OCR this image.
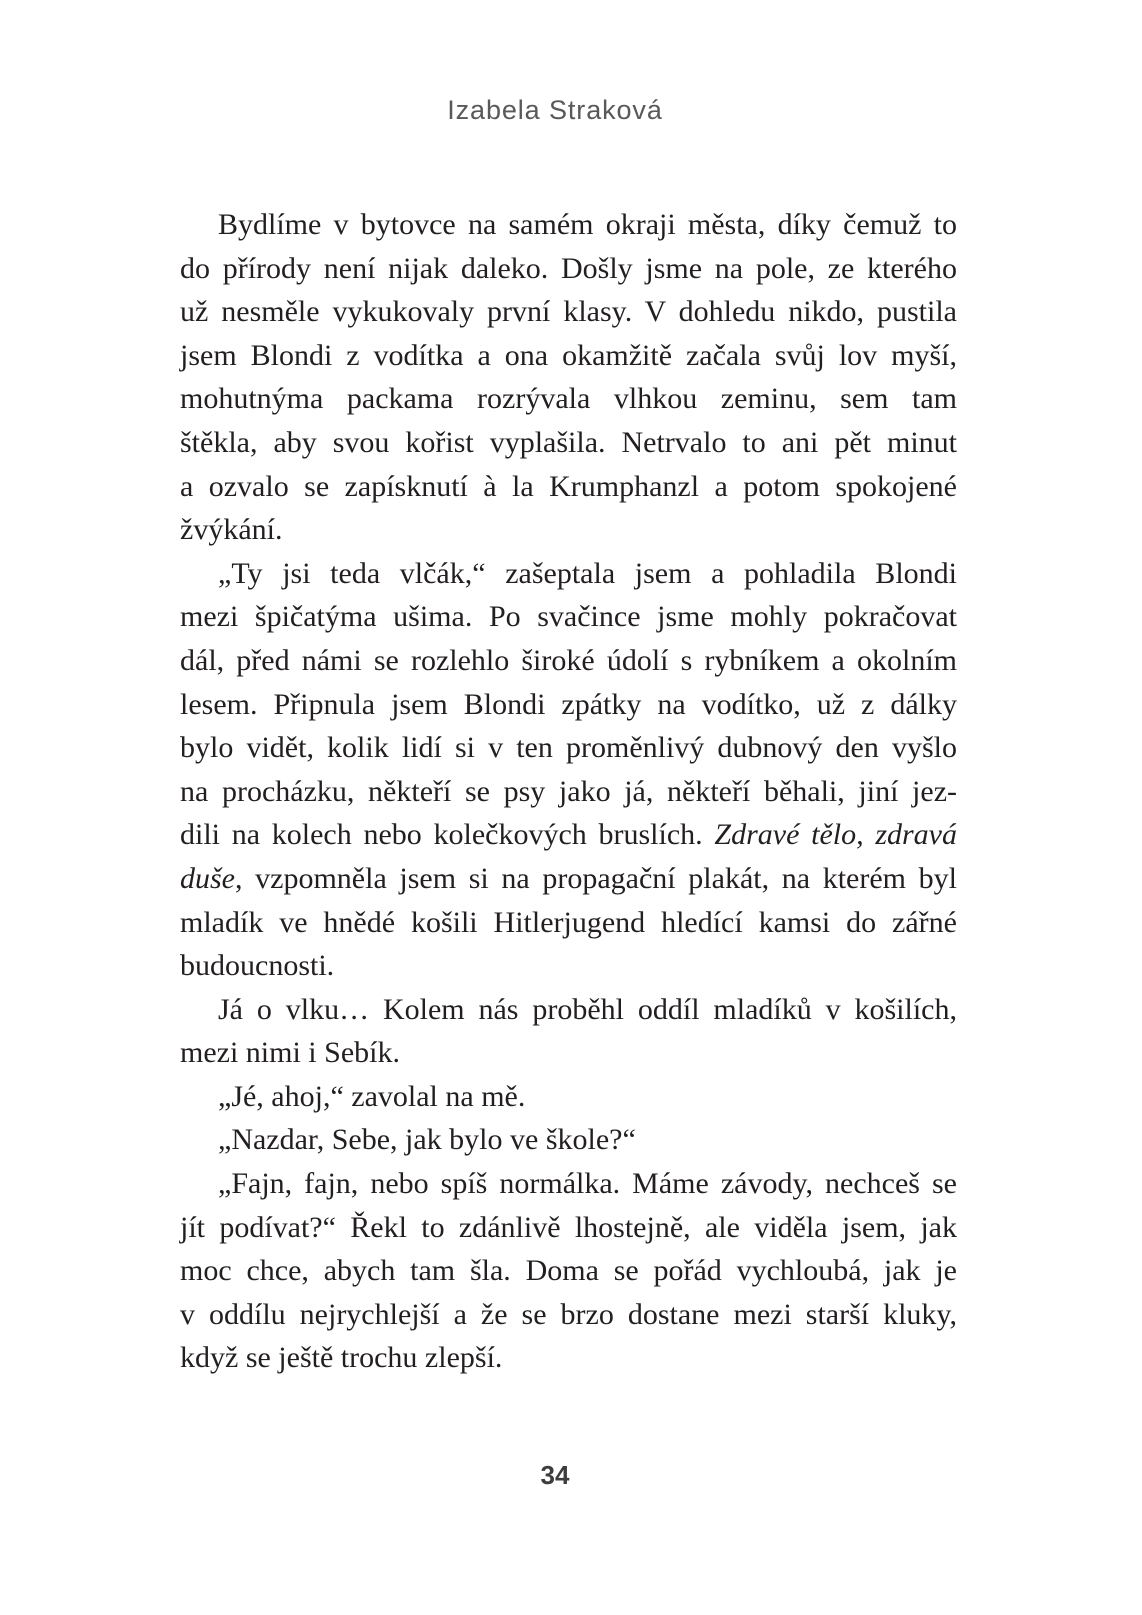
Izabela Straková
Bydlíme v bytovce na samém okraji města, díky čemuž to
do přírody není nijak daleko. Došly jsme na pole, ze kterého
už nesměle vykukovaly první klasy. V dohledu nikdo, pustila
jsem Blondi z vodítka a ona okamžitě začala svůj lov myší,
mohutnýma packama rozrývala vlhkou zeminu, sem tam
štěkla, aby svou kořist vyplašila. Netrvalo to ani pět minut
a ozvalo se zapísknutí à la Krumphanzl a potom spokojené
žvýkání.
„Ty jsi teda vlčák,“ zašeptala jsem a pohladila Blondi
mezi špičatýma ušima. Po svačince jsme mohly pokračovat
dál, před námi se rozlehlo široké údolí s rybníkem a okolním
lesem. Připnula jsem Blondi zpátky na vodítko, už z dálky
bylo vidět, kolik lidí si v ten proměnlivý dubnový den vyšlo
na procházku, někteří se psy jako já, někteří běhali, jiní jez-
dili na kolech nebo kolečkových bruslích. Zdravé tělo, zdravá
duše, vzpomněla jsem si na propagační plakát, na kterém byl
mladík ve hnědé košili Hitlerjugend hledící kamsi do zářné
budoucnosti.
Já o vlku… Kolem nás proběhl oddíl mladíků v košilích,
mezi nimi i Sebík.
„Jé, ahoj,“ zavolal na mě.
„Nazdar, Sebe, jak bylo ve škole?“
„Fajn, fajn, nebo spíš normálka. Máme závody, nechceš se
jít podívat?“ Řekl to zdánlivě lhostejně, ale viděla jsem, jak
moc chce, abych tam šla. Doma se pořád vychloubá, jak je
v oddílu nejrychlejší a že se brzo dostane mezi starší kluky,
když se ještě trochu zlepší.
34
